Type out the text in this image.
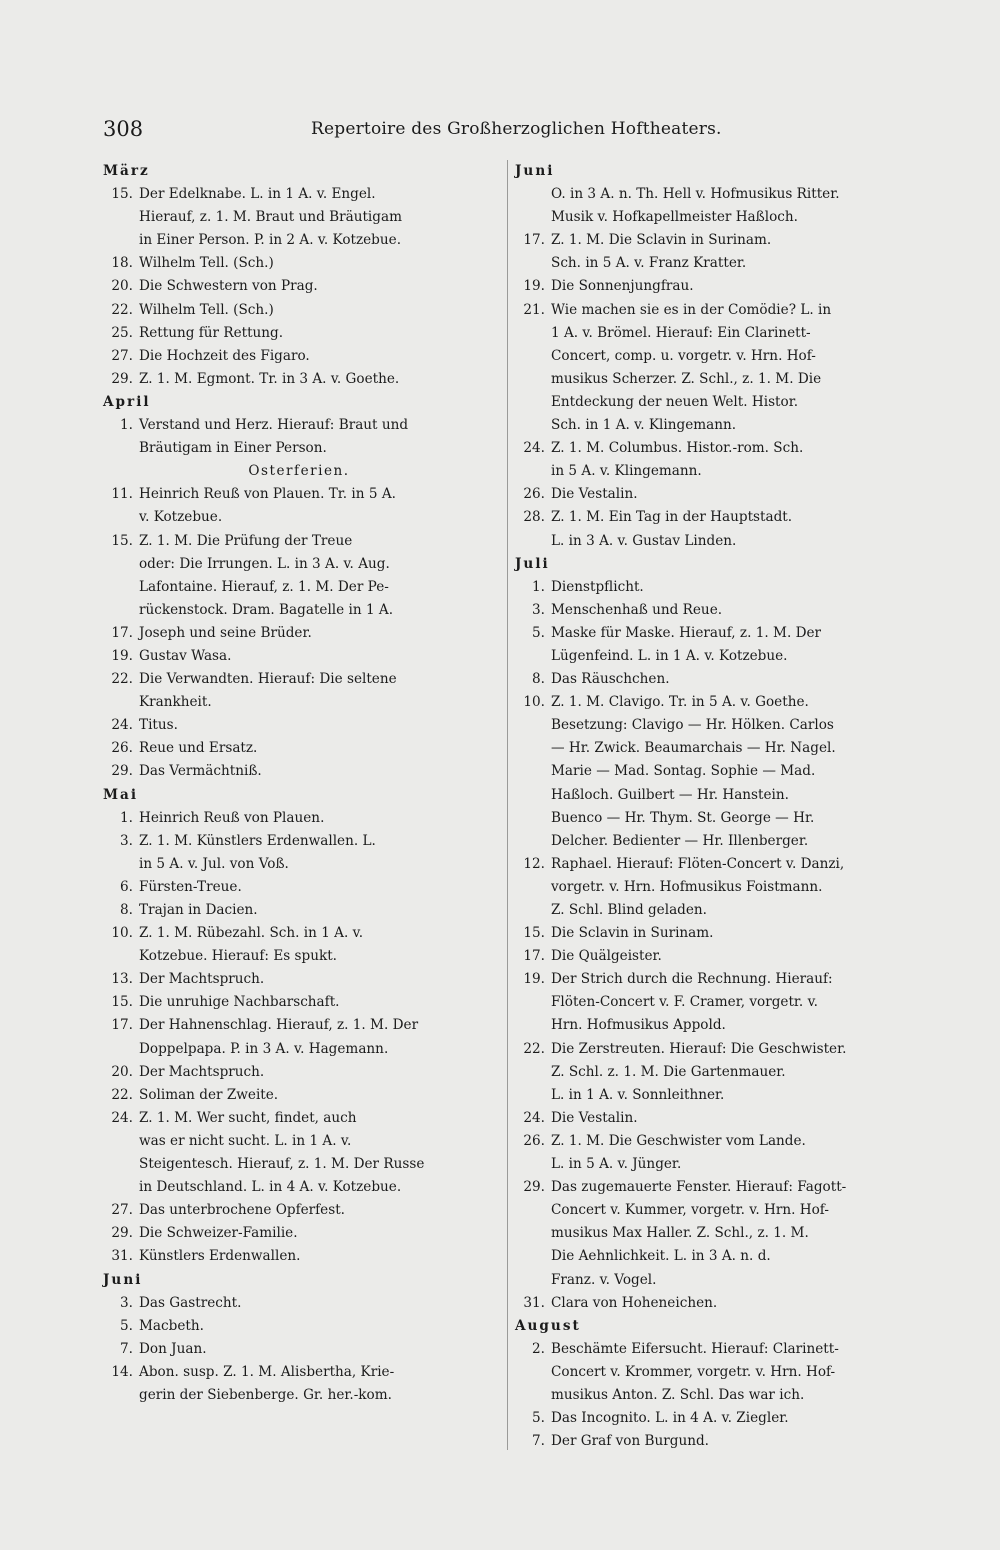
308	Repertoire des Großherzoglichen Hoftheaters.
März
15. Der Edelknabe. L. in 1 A. v. Engel.
Hierauf, z. 1. M. Braut und Bräutigam
in Einer Person. P. in 2 A. v. Kotzebue.
18. Wilhelm Tell. (Sch.)
20. Die Schwestern von Prag.
22. Wilhelm Tell. (Sch.)
25. Rettung für Rettung.
27. Die Hochzeit des Figaro.
29. Z. 1. M. Egmont. Tr. in 3 A. v. Goethe.
April
1. Verstand und Herz. Hierauf: Braut und
Bräutigam in Einer Person.
Osterferien.
11. Heinrich Reuß von Plauen. Tr. in 5 A.
v. Kotzebue.
15. Z. 1. M. Die Prüfung der Treue
oder: Die Irrungen. L. in 3 A. v. Aug.
Lafontaine. Hierauf, z. 1. M. Der Pe-
rückenstock. Dram. Bagatelle in 1 A.
17. Joseph und seine Brüder.
19. Gustav Wasa.
22. Die Verwandten. Hierauf: Die seltene
Krankheit.
24. Titus.
26. Reue und Ersatz.
29. Das Vermächtniß.
Mai
1. Heinrich Reuß von Plauen.
3. Z. 1. M. Künstlers Erdenwallen. L.
in 5 A. v. Jul. von Voß.
6. Fürsten-Treue.
8. Trajan in Dacien.
10. Z. 1. M. Rübezahl. Sch. in 1 A. v.
Kotzebue. Hierauf: Es spukt.
13. Der Machtspruch.
15. Die unruhige Nachbarschaft.
17. Der Hahnenschlag. Hierauf, z. 1. M. Der
Doppelpapa. P. in 3 A. v. Hagemann.
20. Der Machtspruch.
22. Soliman der Zweite.
24. Z. 1. M. Wer sucht, findet, auch
was er nicht sucht. L. in 1 A. v.
Steigentesch. Hierauf, z. 1. M. Der Russe
in Deutschland. L. in 4 A. v. Kotzebue.
27. Das unterbrochene Opferfest.
29. Die Schweizer-Familie.
31. Künstlers Erdenwallen.
Juni
3. Das Gastrecht.
5. Macbeth.
7. Don Juan.
14. Abon. susp. Z. 1. M. Alisbertha, Krie-
gerin der Siebenberge. Gr. her.-kom.
Juni
O. in 3 A. n. Th. Hell v. Hofmusikus Ritter.
Musik v. Hofkapellmeister Haßloch.
17. Z. 1. M. Die Sclavin in Surinam.
Sch. in 5 A. v. Franz Kratter.
19. Die Sonnenjungfrau.
21. Wie machen sie es in der Comödie? L. in
1 A. v. Brömel. Hierauf: Ein Clarinett-
Concert, comp. u. vorgetr. v. Hrn. Hof-
musikus Scherzer. Z. Schl., z. 1. M. Die
Entdeckung der neuen Welt. Histor.
Sch. in 1 A. v. Klingemann.
24. Z. 1. M. Columbus. Histor.-rom. Sch.
in 5 A. v. Klingemann.
26. Die Vestalin.
28. Z. 1. M. Ein Tag in der Hauptstadt.
L. in 3 A. v. Gustav Linden.
Juli
1. Dienstpflicht.
3. Menschenhaß und Reue.
5. Maske für Maske. Hierauf, z. 1. M. Der
Lügenfeind. L. in 1 A. v. Kotzebue.
8. Das Räuschchen.
10. Z. 1. M. Clavigo. Tr. in 5 A. v. Goethe.
Besetzung: Clavigo — Hr. Hölken. Carlos
— Hr. Zwick. Beaumarchais — Hr. Nagel.
Marie — Mad. Sontag. Sophie — Mad.
Haßloch. Guilbert — Hr. Hanstein.
Buenco — Hr. Thym. St. George — Hr.
Delcher. Bedienter — Hr. Illenberger.
12. Raphael. Hierauf: Flöten-Concert v. Danzi,
vorgetr. v. Hrn. Hofmusikus Foistmann.
Z. Schl. Blind geladen.
15. Die Sclavin in Surinam.
17. Die Quälgeister.
19. Der Strich durch die Rechnung. Hierauf:
Flöten-Concert v. F. Cramer, vorgetr. v.
Hrn. Hofmusikus Appold.
22. Die Zerstreuten. Hierauf: Die Geschwister.
Z. Schl. z. 1. M. Die Gartenmauer.
L. in 1 A. v. Sonnleithner.
24. Die Vestalin.
26. Z. 1. M. Die Geschwister vom Lande.
L. in 5 A. v. Jünger.
29. Das zugemauerte Fenster. Hierauf: Fagott-
Concert v. Kummer, vorgetr. v. Hrn. Hof-
musikus Max Haller. Z. Schl., z. 1. M.
Die Aehnlichkeit. L. in 3 A. n. d.
Franz. v. Vogel.
31. Clara von Hoheneichen.
August
2. Beschämte Eifersucht. Hierauf: Clarinett-
Concert v. Krommer, vorgetr. v. Hrn. Hof-
musikus Anton. Z. Schl. Das war ich.
5. Das Incognito. L. in 4 A. v. Ziegler.
7. Der Graf von Burgund.
